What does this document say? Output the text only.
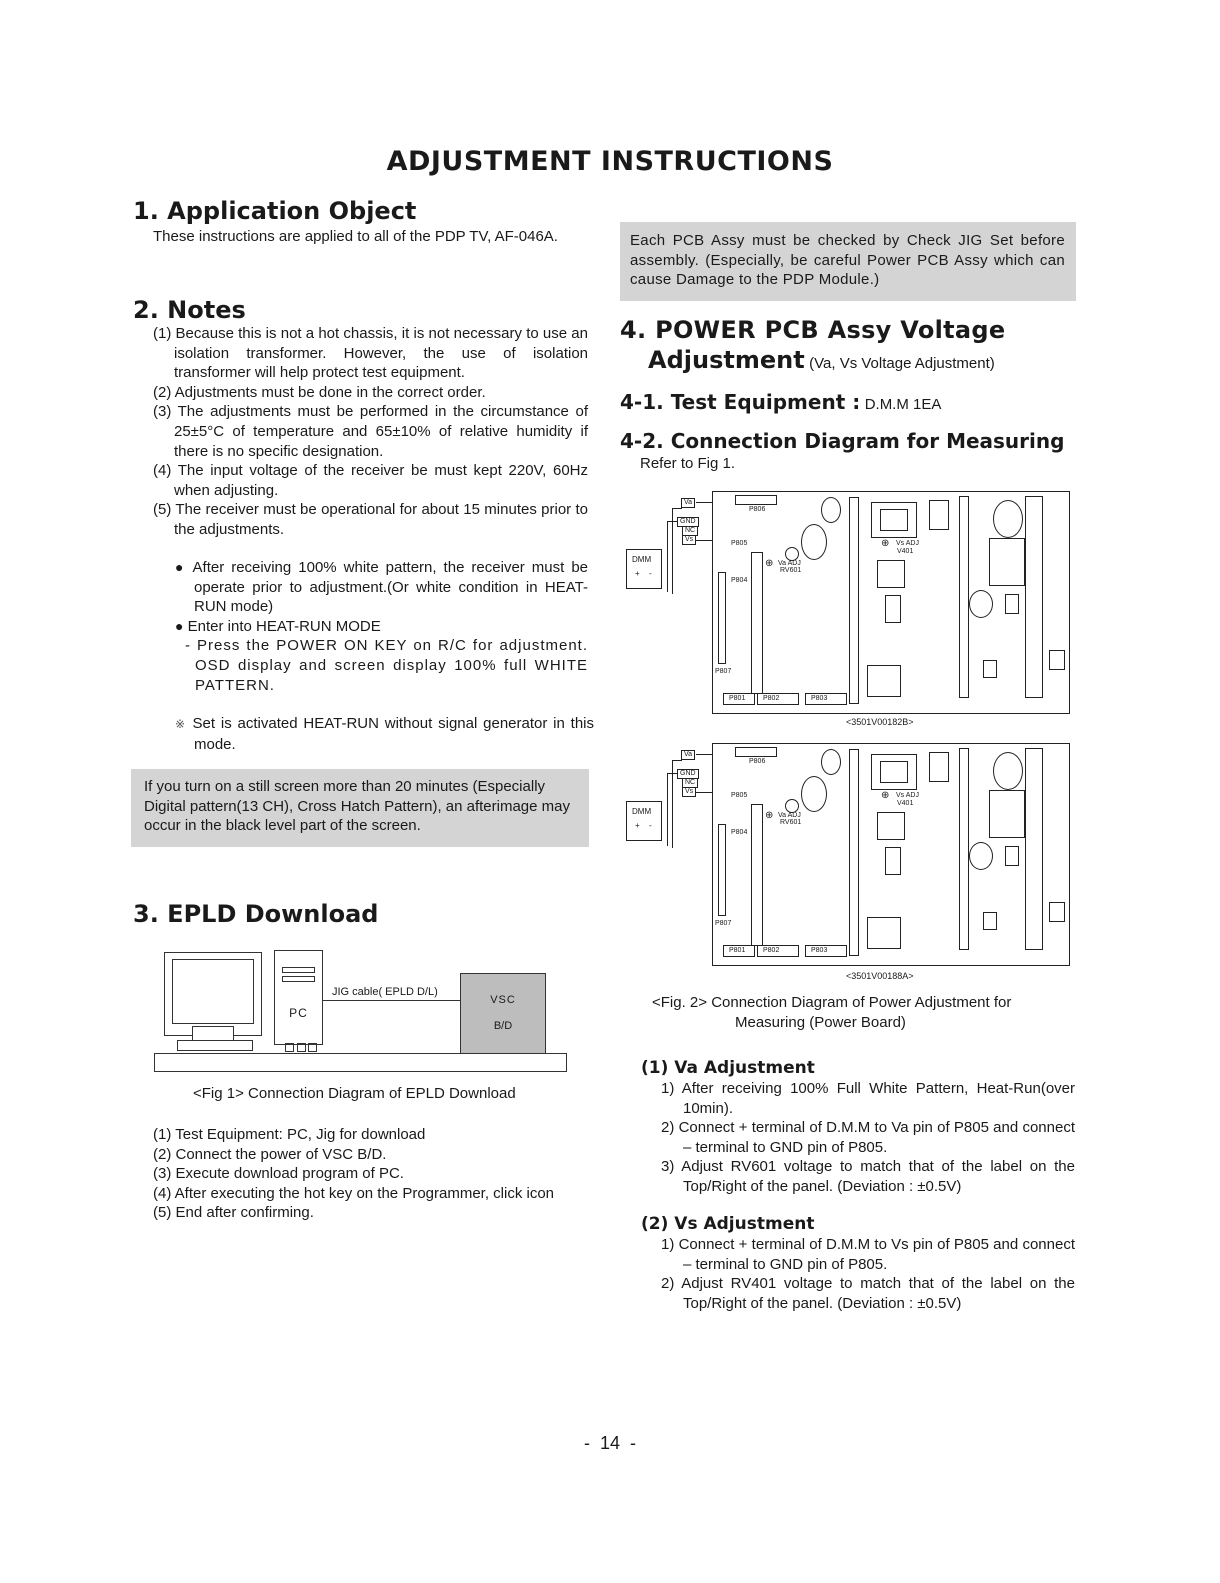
ADJUSTMENT INSTRUCTIONS
1. Application Object
These instructions are applied to all of the PDP TV, AF-046A.
2. Notes
(1) Because this is not a hot chassis, it is not necessary to use an isolation transformer. However, the use of isolation transformer will help protect test equipment.
(2) Adjustments must be done in the correct order.
(3) The adjustments must be performed in the circumstance of 25±5°C of temperature and 65±10% of relative humidity if there is no specific designation.
(4) The input voltage of the receiver be must kept 220V, 60Hz when adjusting.
(5) The receiver must be operational for about 15 minutes prior to the adjustments.
● After receiving 100% white pattern, the receiver must be operate prior to adjustment.(Or white condition in HEAT-RUN mode)
● Enter into HEAT-RUN MODE
- Press the POWER ON KEY on R/C for adjustment. OSD display and screen display 100% full WHITE PATTERN.
※ Set is activated HEAT-RUN without signal generator in this mode.
If you turn on a still screen more than 20 minutes (Especially Digital pattern(13 CH), Cross Hatch Pattern), an afterimage may occur in the black level part of the screen.
3. EPLD Download
PC
JIG cable( EPLD D/L)
VSC
B/D
<Fig 1> Connection Diagram of EPLD Download
(1) Test Equipment: PC, Jig for download
(2) Connect the power of VSC B/D.
(3) Execute download program of PC.
(4) After executing the hot key on the Programmer, click icon
(5) End after confirming.
Each PCB Assy must be checked by Check JIG Set before assembly. (Especially, be careful Power PCB Assy which can cause Damage to the PDP Module.)
4. POWER PCB Assy Voltage
Adjustment (Va, Vs Voltage Adjustment)
4-1. Test Equipment : D.M.M 1EA
4-2. Connection Diagram for Measuring
Refer to Fig 1.
Va
GND
NC
Vs
DMM
+ -
P806
P805
P804
P807
⊕ Va ADJ
RV601
⊕ Vs ADJ
V401
P801	P802	P803
<3501V00182B>
Va
GND
NC
Vs
DMM
+ -
P806
P805
P804
P807
⊕ Va ADJ
RV601
⊕ Vs ADJ
V401
P801	P802	P803
<3501V00188A>
<Fig. 2> Connection Diagram of Power Adjustment for
Measuring (Power Board)
(1) Va Adjustment
1) After receiving 100% Full White Pattern, Heat-Run(over 10min).
2) Connect + terminal of D.M.M to Va pin of P805 and connect – terminal to GND pin of P805.
3) Adjust RV601 voltage to match that of the label on the Top/Right of the panel. (Deviation : ±0.5V)
(2) Vs Adjustment
1) Connect + terminal of D.M.M to Vs pin of P805 and connect – terminal to GND pin of P805.
2) Adjust RV401 voltage to match that of the label on the Top/Right of the panel. (Deviation : ±0.5V)
-  14  -
